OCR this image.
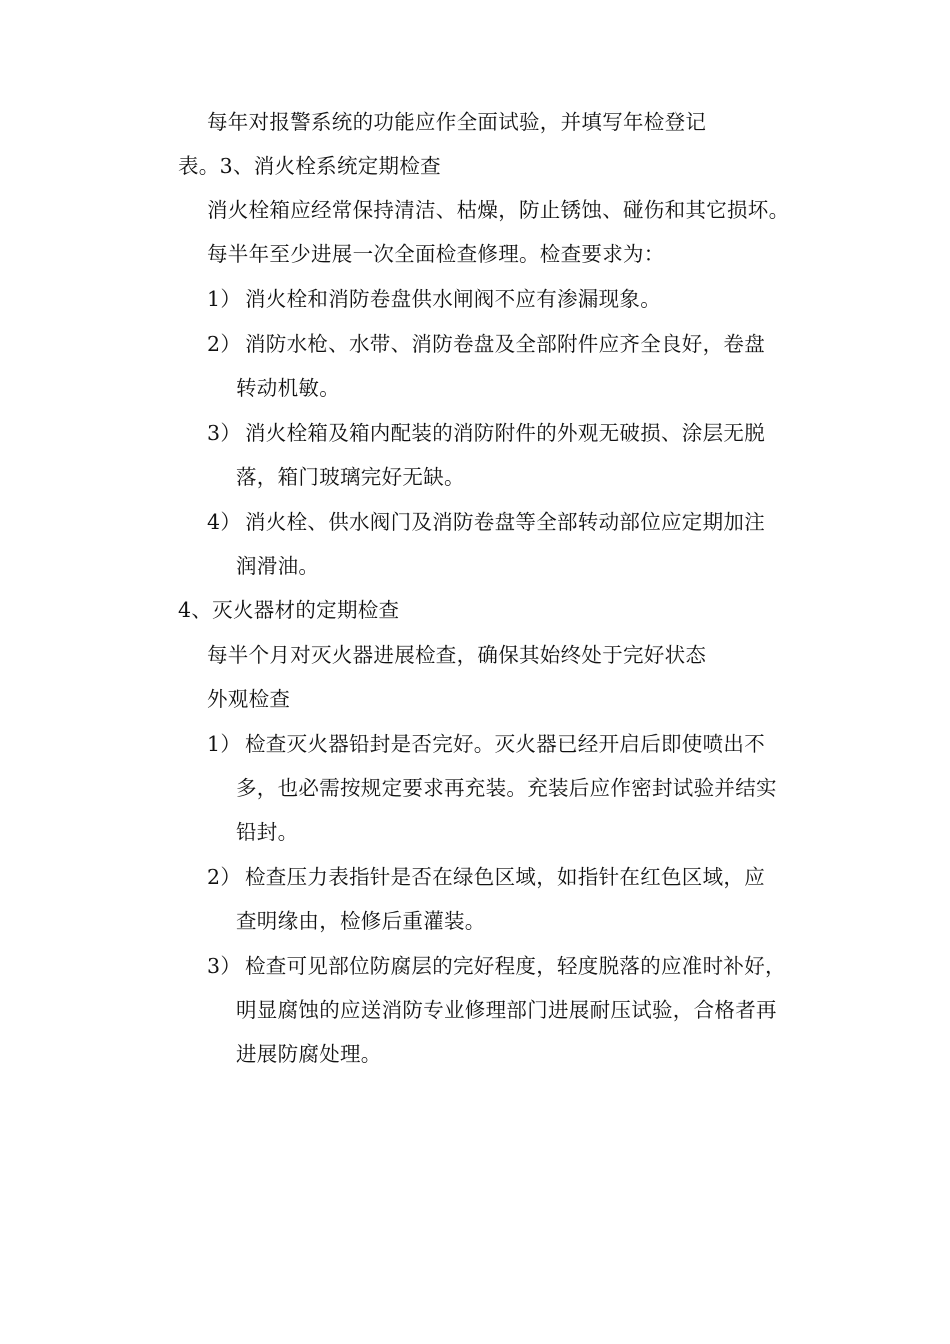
每年对报警系统的功能应作全面试验，并填写年检登记
表。3、消火栓系统定期检查
消火栓箱应经常保持清洁、枯燥，防止锈蚀、碰伤和其它损坏。
每半年至少进展一次全面检查修理。检查要求为：
1） 消火栓和消防卷盘供水闸阀不应有渗漏现象。
2） 消防水枪、水带、消防卷盘及全部附件应齐全良好，卷盘
转动机敏。
3） 消火栓箱及箱内配装的消防附件的外观无破损、涂层无脱
落，箱门玻璃完好无缺。
4） 消火栓、供水阀门及消防卷盘等全部转动部位应定期加注
润滑油。
4、灭火器材的定期检查
每半个月对灭火器进展检查，确保其始终处于完好状态
外观检查
1） 检查灭火器铅封是否完好。灭火器已经开启后即使喷出不
多，也必需按规定要求再充装。充装后应作密封试验并结实
铅封。
2） 检查压力表指针是否在绿色区域，如指针在红色区域，应
查明缘由，检修后重灌装。
3） 检查可见部位防腐层的完好程度，轻度脱落的应准时补好，
明显腐蚀的应送消防专业修理部门进展耐压试验，合格者再
进展防腐处理。
